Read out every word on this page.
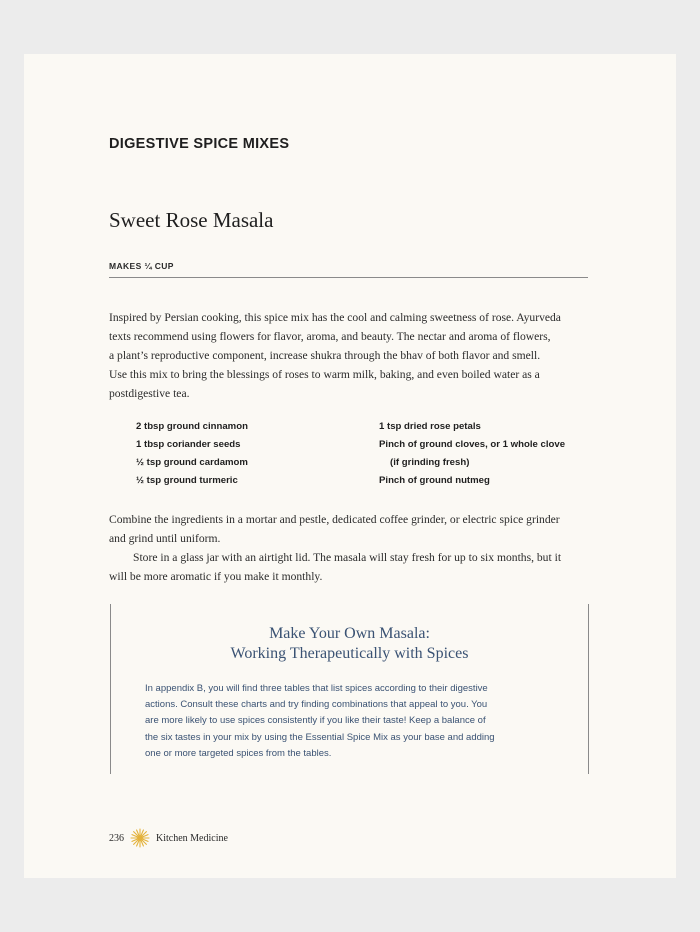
DIGESTIVE SPICE MIXES
Sweet Rose Masala
MAKES ¼ CUP

Inspired by Persian cooking, this spice mix has the cool and calming sweetness of rose. Ayurveda
texts recommend using flowers for flavor, aroma, and beauty. The nectar and aroma of flowers,
a plant’s reproductive component, increase shukra through the bhav of both flavor and smell.
Use this mix to bring the blessings of roses to warm milk, baking, and even boiled water as a
postdigestive tea.

2 tbsp ground cinnamon
1 tbsp coriander seeds
½ tsp ground cardamom
½ tsp ground turmeric
1 tsp dried rose petals
Pinch of ground cloves, or 1 whole clove
(if grinding fresh)
Pinch of ground nutmeg

Combine the ingredients in a mortar and pestle, dedicated coffee grinder, or electric spice grinder
and grind until uniform.

Store in a glass jar with an airtight lid. The masala will stay fresh for up to six months, but it
will be more aromatic if you make it monthly.

Make Your Own Masala:
Working Therapeutically with Spices

In appendix B, you will find three tables that list spices according to their digestive
actions. Consult these charts and try finding combinations that appeal to you. You
are more likely to use spices consistently if you like their taste! Keep a balance of
the six tastes in your mix by using the Essential Spice Mix as your base and adding
one or more targeted spices from the tables.

236	Kitchen Medicine
